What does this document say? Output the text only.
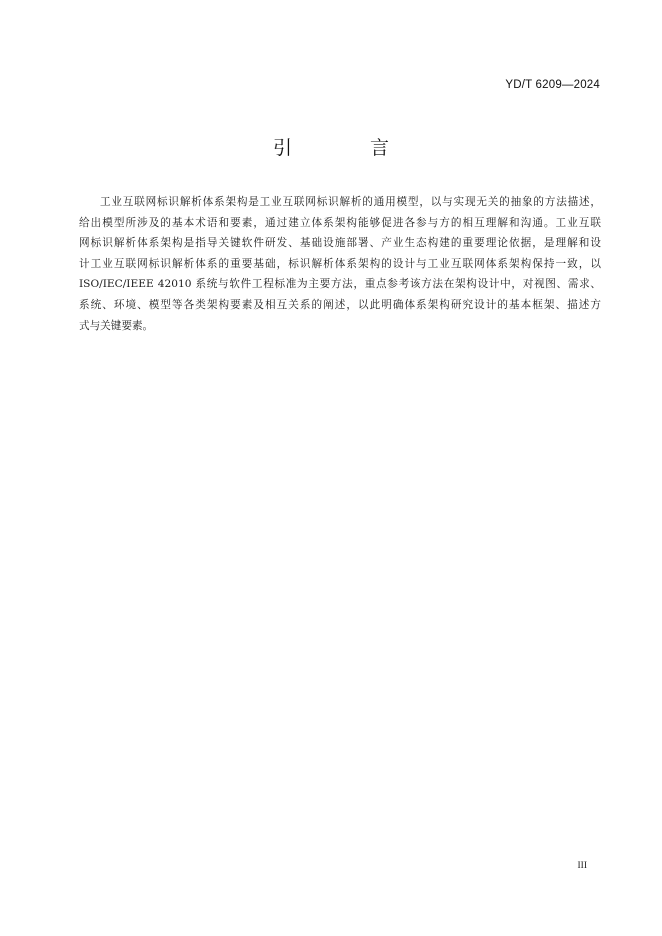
YD/T 6209—2024
引 言
工业互联网标识解析体系架构是工业互联网标识解析的通用模型，以与实现无关的抽象的方法描述，
给出模型所涉及的基本术语和要素，通过建立体系架构能够促进各参与方的相互理解和沟通。工业互联
网标识解析体系架构是指导关键软件研发、基础设施部署、产业生态构建的重要理论依据，是理解和设
计工业互联网标识解析体系的重要基础，标识解析体系架构的设计与工业互联网体系架构保持一致，以
ISO/IEC/IEEE 42010 系统与软件工程标准为主要方法，重点参考该方法在架构设计中，对视图、需求、
系统、环境、模型等各类架构要素及相互关系的阐述，以此明确体系架构研究设计的基本框架、描述方
式与关键要素。
III
